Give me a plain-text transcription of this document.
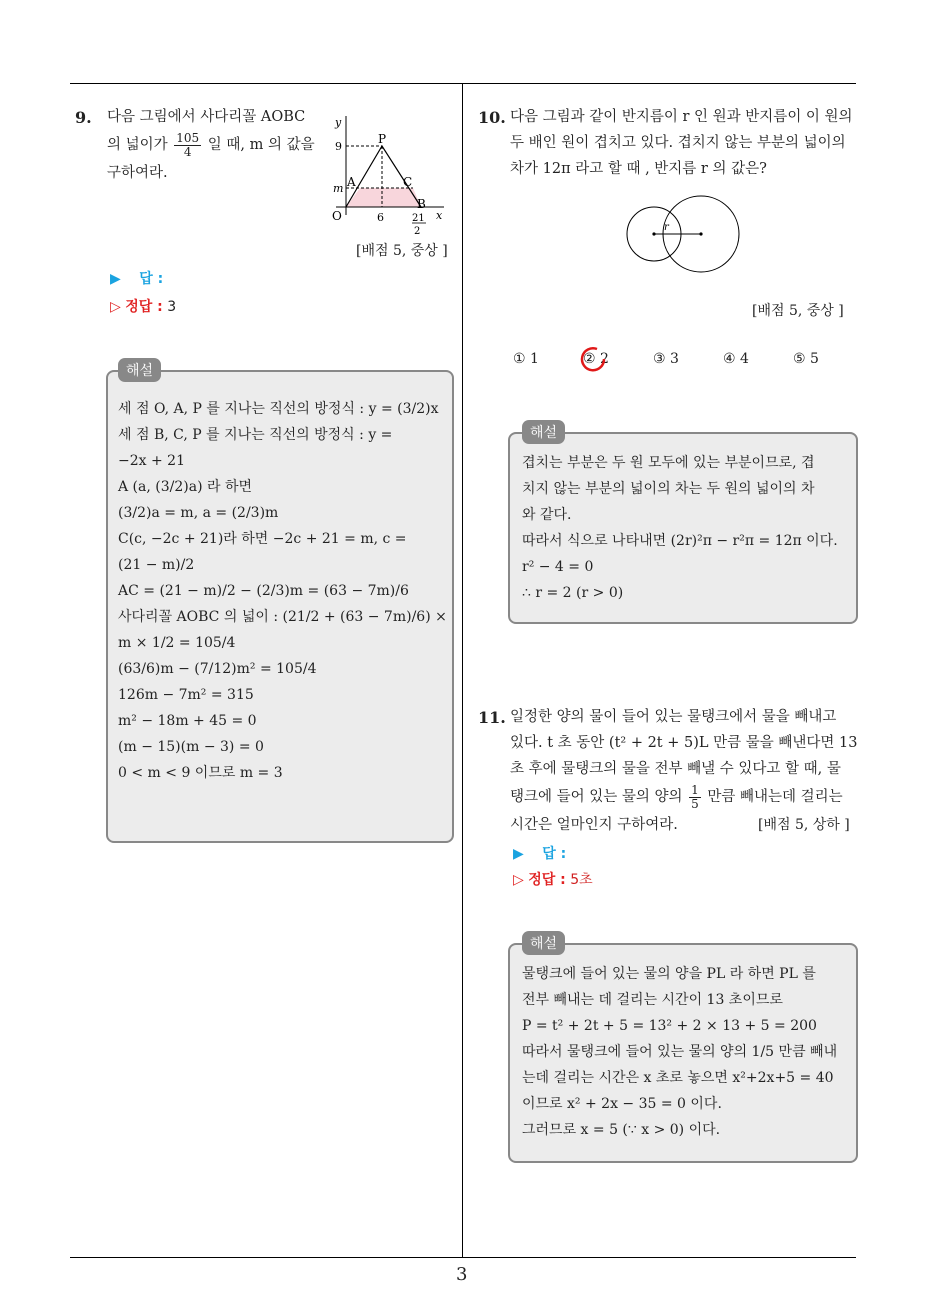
9. 다음 그림에서 사다리꼴 AOBC
의 넓이가 $\frac{105}{4}$ 일 때, m 의 값을
구하여라.
y
x
P
A	C
O
B
9
m
6	21
2
[배점 5, 중상 ]
▶ 답 :
▷ 정답 : 3
해설
세 점 O, A, P 를 지나는 직선의 방정식 : y = (3/2)x
세 점 B, C, P 를 지나는 직선의 방정식 : y =
−2x + 21
A (a, (3/2)a) 라 하면
(3/2)a = m, a = (2/3)m
C(c, −2c + 21)라 하면 −2c + 21 = m, c =
(21 − m)/2
AC = (21 − m)/2 − (2/3)m = (63 − 7m)/6
사다리꼴 AOBC 의 넓이 : (21/2 + (63 − 7m)/6) ×
m × 1/2 = 105/4
(63/6)m − (7/12)m² = 105/4
126m − 7m² = 315
m² − 18m + 45 = 0
(m − 15)(m − 3) = 0
0 < m < 9 이므로 m = 3
10. 다음 그림과 같이 반지름이 r 인 원과 반지름이 이 원의
두 배인 원이 겹치고 있다. 겹치지 않는 부분의 넓이의
차가 12π 라고 할 때 , 반지름 r 의 값은?
r
[배점 5, 중상 ]
① 1	② 2	③ 3	④ 4	⑤ 5
해설
겹치는 부분은 두 원 모두에 있는 부분이므로, 겹
치지 않는 부분의 넓이의 차는 두 원의 넓이의 차
와 같다.
따라서 식으로 나타내면 (2r)²π − r²π = 12π 이다.
r² − 4 = 0
∴ r = 2 (r > 0)
11. 일정한 양의 물이 들어 있는 물탱크에서 물을 빼내고
있다. t 초 동안 (t² + 2t + 5)L 만큼 물을 빼낸다면 13
초 후에 물탱크의 물을 전부 빼낼 수 있다고 할 때, 물
탱크에 들어 있는 물의 양의 $\frac{1}{5}$ 만큼 빼내는데 걸리는
시간은 얼마인지 구하여라.	[배점 5, 상하 ]
▶ 답 :
▷ 정답 : 5초
해설
물탱크에 들어 있는 물의 양을 PL 라 하면 PL 를
전부 빼내는 데 걸리는 시간이 13 초이므로
P = t² + 2t + 5 = 13² + 2 × 13 + 5 = 200
따라서 물탱크에 들어 있는 물의 양의 1/5 만큼 빼내
는데 걸리는 시간은 x 초로 놓으면 x²+2x+5 = 40
이므로 x² + 2x − 35 = 0 이다.
그러므로 x = 5 (∵ x > 0) 이다.
3
